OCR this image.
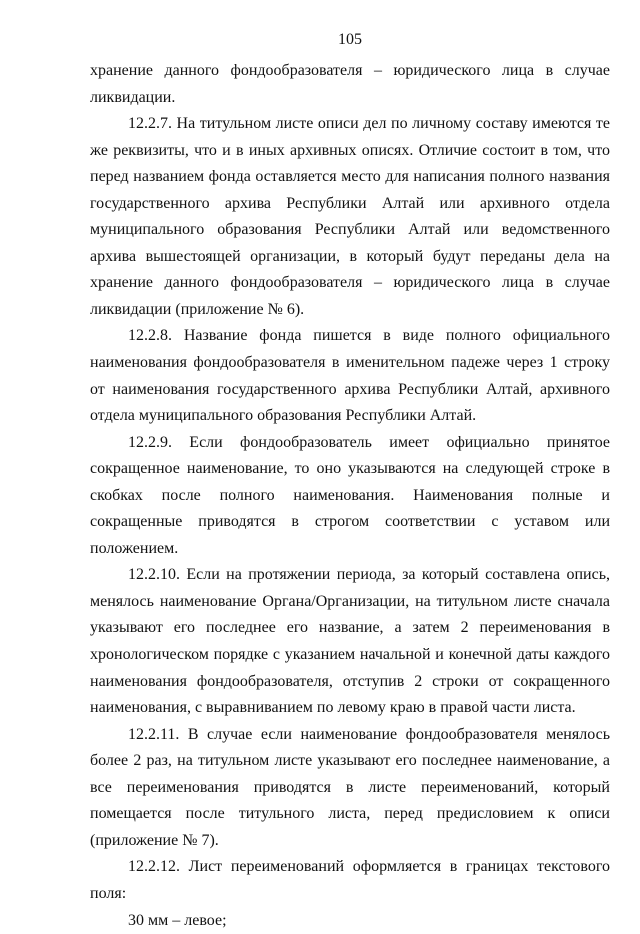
105

хранение данного фондообразователя – юридического лица в случае ликвидации.

12.2.7. На титульном листе описи дел по личному составу имеются те же реквизиты, что и в иных архивных описях. Отличие состоит в том, что перед названием фонда оставляется место для написания полного названия государственного архива Республики Алтай или архивного отдела муниципального образования Республики Алтай или ведомственного архива вышестоящей организации, в который будут переданы дела на хранение данного фондообразователя – юридического лица в случае ликвидации (приложение № 6).

12.2.8. Название фонда пишется в виде полного официального наименования фондообразователя в именительном падеже через 1 строку от наименования государственного архива Республики Алтай, архивного отдела муниципального образования Республики Алтай.

12.2.9. Если фондообразователь имеет официально принятое сокращенное наименование, то оно указываются на следующей строке в скобках после полного наименования. Наименования полные и сокращенные приводятся в строгом соответствии с уставом или положением.

12.2.10. Если на протяжении периода, за который составлена опись, менялось наименование Органа/Организации, на титульном листе сначала указывают его последнее его название, а затем 2 переименования в хронологическом порядке с указанием начальной и конечной даты каждого наименования фондообразователя, отступив 2 строки от сокращенного наименования, с выравниванием по левому краю в правой части листа.

12.2.11. В случае если наименование фондообразователя менялось более 2 раз, на титульном листе указывают его последнее наименование, а все переименования приводятся в листе переименований, который помещается после титульного листа, перед предисловием к описи (приложение № 7).

12.2.12. Лист переименований оформляется в границах текстового поля:

30 мм – левое;
